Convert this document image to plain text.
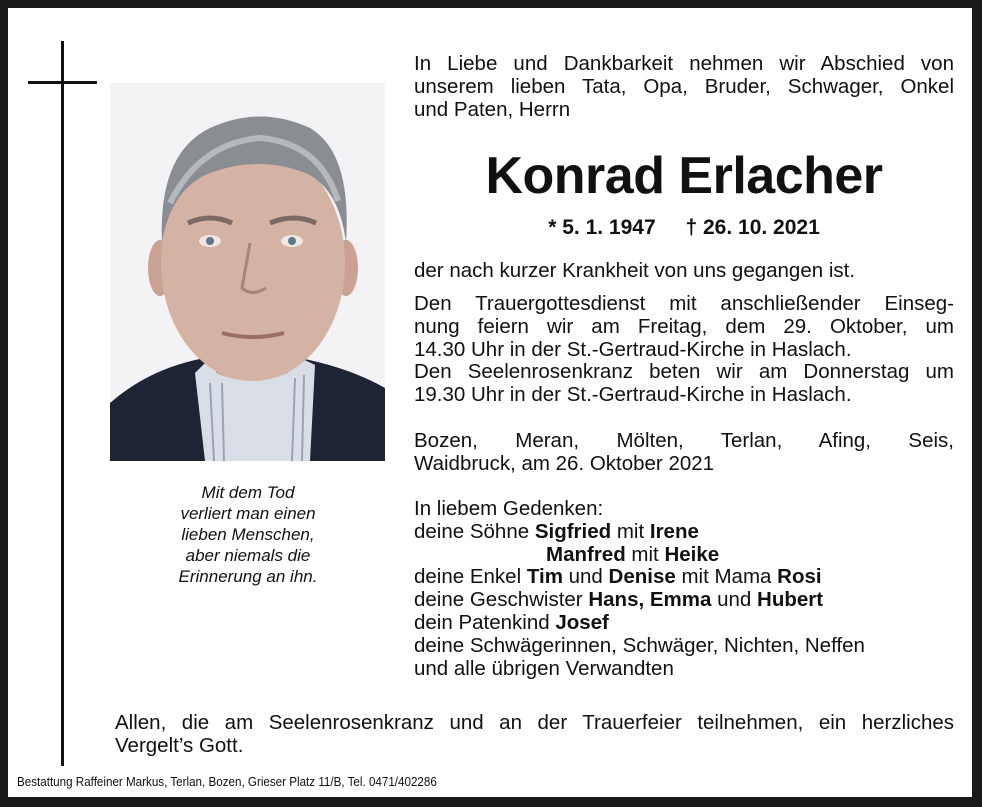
Mit dem Tod
verliert man einen
lieben Menschen,
aber niemals die
Erinnerung an ihn.
In Liebe und Dankbarkeit nehmen wir Abschied von
unserem lieben Tata, Opa, Bruder, Schwager, Onkel
und Paten, Herrn
Konrad Erlacher
* 5. 1. 1947 † 26. 10. 2021
der nach kurzer Krankheit von uns gegangen ist.
Den Trauergottesdienst mit anschließender Einseg-
nung feiern wir am Freitag, dem 29. Oktober, um
14.30 Uhr in der St.-Gertraud-Kirche in Haslach.
Den Seelenrosenkranz beten wir am Donnerstag um
19.30 Uhr in der St.-Gertraud-Kirche in Haslach.
Bozen, Meran, Mölten, Terlan, Afing, Seis,
Waidbruck, am 26. Oktober 2021
In liebem Gedenken:
deine Söhne Sigfried mit Irene
Manfred mit Heike
deine Enkel Tim und Denise mit Mama Rosi
deine Geschwister Hans, Emma und Hubert
dein Patenkind Josef
deine Schwägerinnen, Schwäger, Nichten, Neffen
und alle übrigen Verwandten
Allen, die am Seelenrosenkranz und an der Trauerfeier teilnehmen, ein herzliches
Vergelt’s Gott.
Bestattung Raffeiner Markus, Terlan, Bozen, Grieser Platz 11/B, Tel. 0471/402286
